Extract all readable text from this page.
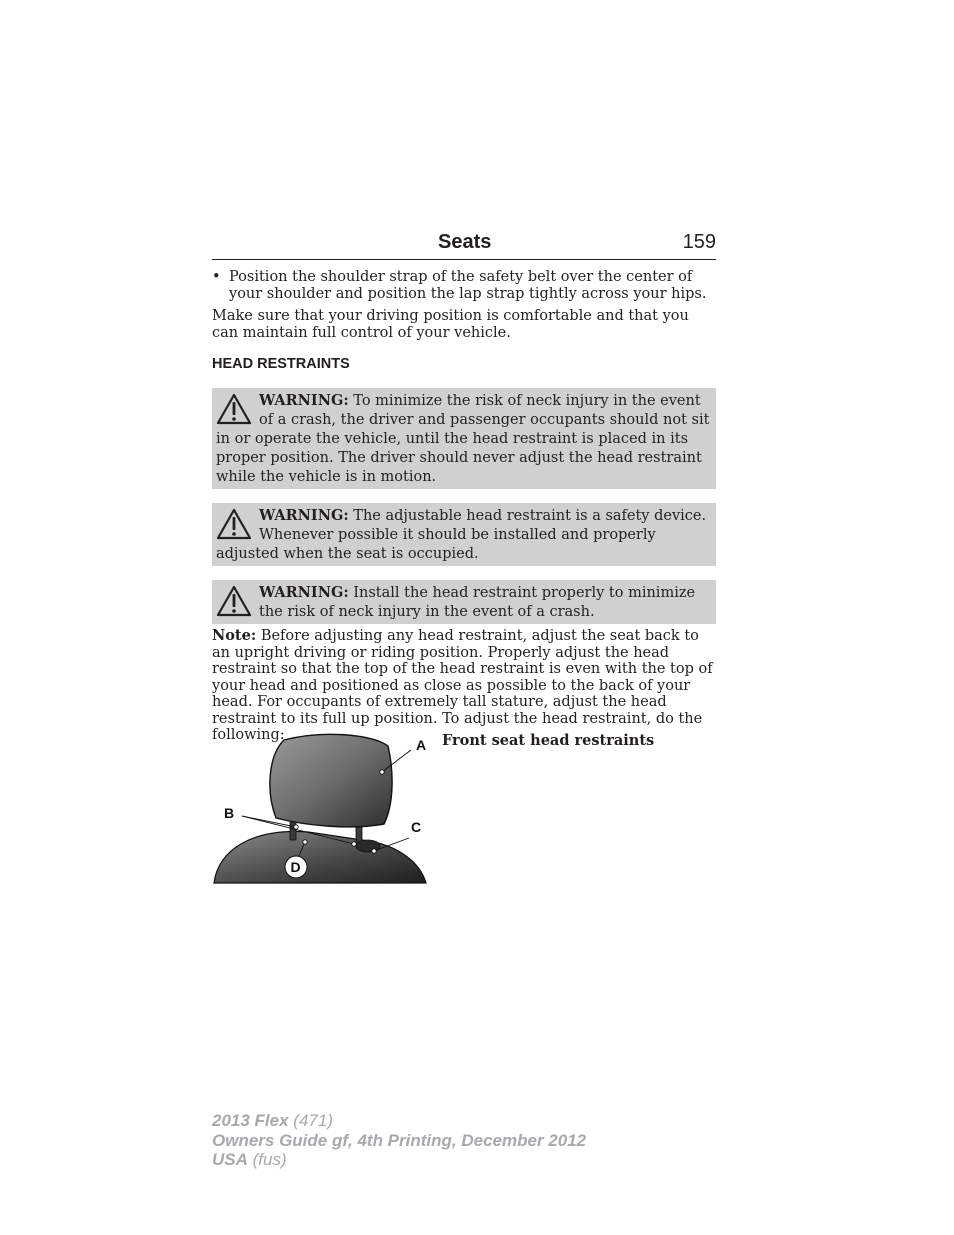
Seats	159
• Position the shoulder strap of the safety belt over the center of your shoulder and position the lap strap tightly across your hips.
Make sure that your driving position is comfortable and that you can maintain full control of your vehicle.
HEAD RESTRAINTS
WARNING: To minimize the risk of neck injury in the event of a crash, the driver and passenger occupants should not sit in or operate the vehicle, until the head restraint is placed in its proper position. The driver should never adjust the head restraint while the vehicle is in motion.
WARNING: The adjustable head restraint is a safety device. Whenever possible it should be installed and properly adjusted when the seat is occupied.
WARNING: Install the head restraint properly to minimize the risk of neck injury in the event of a crash.
Note: Before adjusting any head restraint, adjust the seat back to an upright driving or riding position. Properly adjust the head restraint so that the top of the head restraint is even with the top of your head and positioned as close as possible to the back of your head. For occupants of extremely tall stature, adjust the head restraint to its full up position. To adjust the head restraint, do the following:
A
B
C
D
Front seat head restraints
2013 Flex (471)
Owners Guide gf, 4th Printing, December 2012
USA (fus)
